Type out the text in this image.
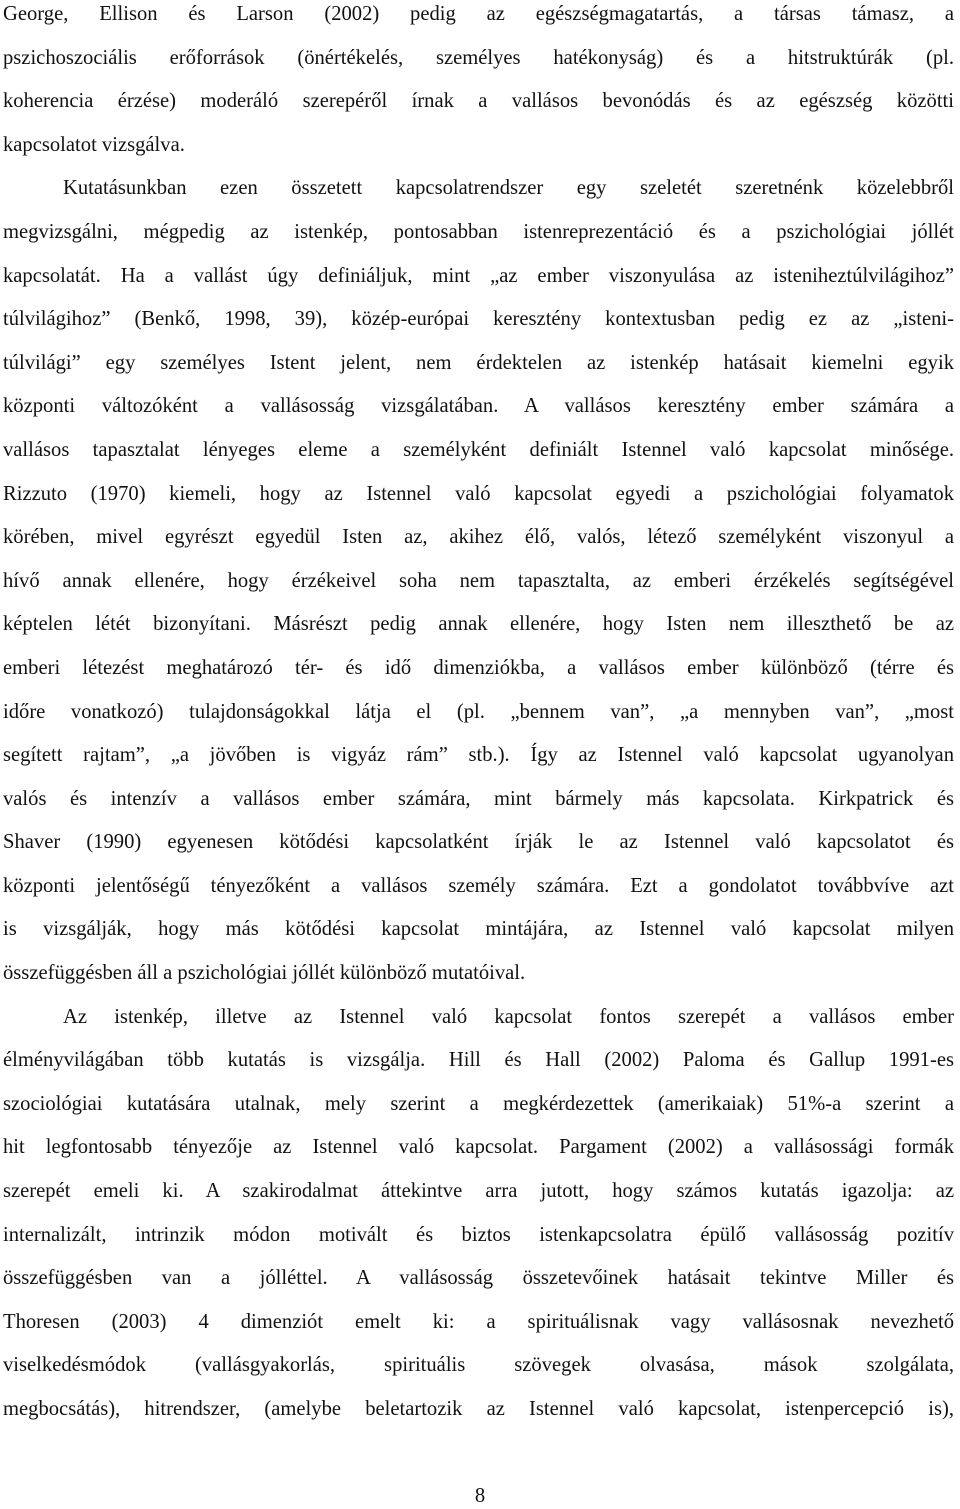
George, Ellison és Larson (2002) pedig az egészségmagatartás, a társas támasz, a
pszichoszociális erőforrások (önértékelés, személyes hatékonyság) és a hitstruktúrák (pl.
koherencia érzése) moderáló szerepéről írnak a vallásos bevonódás és az egészség közötti
kapcsolatot vizsgálva.
Kutatásunkban ezen összetett kapcsolatrendszer egy szeletét szeretnénk közelebbről
megvizsgálni, mégpedig az istenkép, pontosabban istenreprezentáció és a pszichológiai jóllét
kapcsolatát. Ha a vallást úgy definiáljuk, mint „az ember viszonyulása az isteniheztúlvilágihoz”
túlvilágihoz” (Benkő, 1998, 39), közép-európai keresztény kontextusban pedig ez az „isteni-
túlvilági” egy személyes Istent jelent, nem érdektelen az istenkép hatásait kiemelni egyik
központi változóként a vallásosság vizsgálatában. A vallásos keresztény ember számára a
vallásos tapasztalat lényeges eleme a személyként definiált Istennel való kapcsolat minősége.
Rizzuto (1970) kiemeli, hogy az Istennel való kapcsolat egyedi a pszichológiai folyamatok
körében, mivel egyrészt egyedül Isten az, akihez élő, valós, létező személyként viszonyul a
hívő annak ellenére, hogy érzékeivel soha nem tapasztalta, az emberi érzékelés segítségével
képtelen létét bizonyítani. Másrészt pedig annak ellenére, hogy Isten nem illeszthető be az
emberi létezést meghatározó tér- és idő dimenziókba, a vallásos ember különböző (térre és
időre vonatkozó) tulajdonságokkal látja el (pl. „bennem van”, „a mennyben van”, „most
segített rajtam”, „a jövőben is vigyáz rám” stb.). Így az Istennel való kapcsolat ugyanolyan
valós és intenzív a vallásos ember számára, mint bármely más kapcsolata. Kirkpatrick és
Shaver (1990) egyenesen kötődési kapcsolatként írják le az Istennel való kapcsolatot és
központi jelentőségű tényezőként a vallásos személy számára. Ezt a gondolatot továbbvíve azt
is vizsgálják, hogy más kötődési kapcsolat mintájára, az Istennel való kapcsolat milyen
összefüggésben áll a pszichológiai jóllét különböző mutatóival.
Az istenkép, illetve az Istennel való kapcsolat fontos szerepét a vallásos ember
élményvilágában több kutatás is vizsgálja. Hill és Hall (2002) Paloma és Gallup 1991-es
szociológiai kutatására utalnak, mely szerint a megkérdezettek (amerikaiak) 51%-a szerint a
hit legfontosabb tényezője az Istennel való kapcsolat. Pargament (2002) a vallásossági formák
szerepét emeli ki. A szakirodalmat áttekintve arra jutott, hogy számos kutatás igazolja: az
internalizált, intrinzik módon motivált és biztos istenkapcsolatra épülő vallásosság pozitív
összefüggésben van a jólléttel. A vallásosság összetevőinek hatásait tekintve Miller és
Thoresen (2003) 4 dimenziót emelt ki: a spirituálisnak vagy vallásosnak nevezhető
viselkedésmódok (vallásgyakorlás, spirituális szövegek olvasása, mások szolgálata,
megbocsátás), hitrendszer, (amelybe beletartozik az Istennel való kapcsolat, istenpercepció is),
8
